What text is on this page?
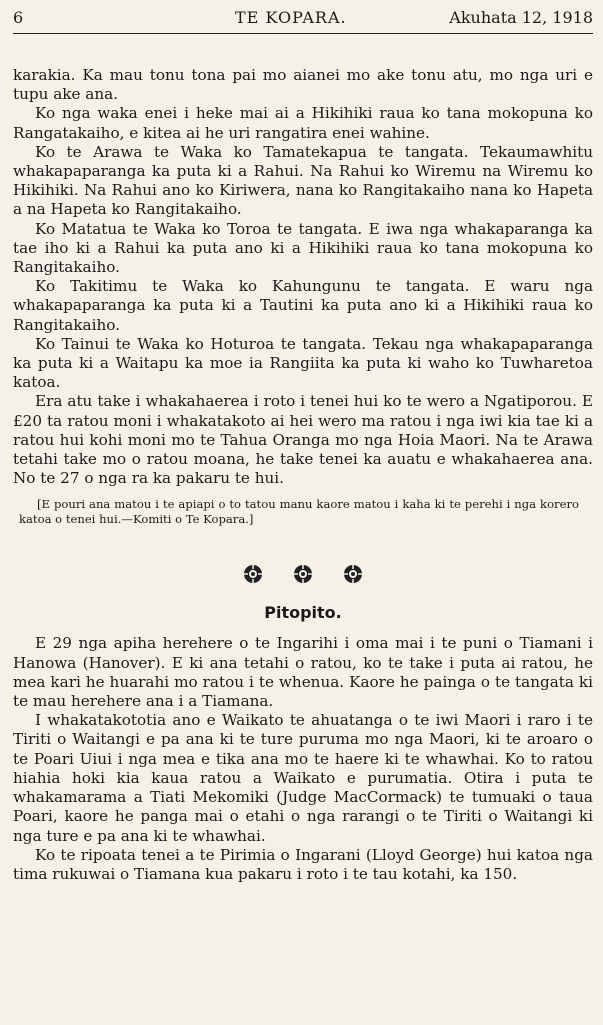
6	TE KOPARA.	Akuhata 12, 1918

karakia. Ka mau tonu tona pai mo aianei mo ake tonu atu, mo nga uri e tupu ake ana.

Ko nga waka enei i heke mai ai a Hikihiki raua ko tana mokopuna ko Rangatakaiho, e kitea ai he uri rangatira enei wahine.

Ko te Arawa te Waka ko Tamatekapua te tangata. Tekaumawhitu whakapaparanga ka puta ki a Rahui. Na Rahui ko Wiremu na Wiremu ko Hikihiki. Na Rahui ano ko Kiriwera, nana ko Rangitakaiho nana ko Hapeta a na Hapeta ko Rangitakaiho.

Ko Matatua te Waka ko Toroa te tangata. E iwa nga whakaparanga ka tae iho ki a Rahui ka puta ano ki a Hikihiki raua ko tana mokopuna ko Rangitakaiho.

Ko Takitimu te Waka ko Kahungunu te tangata. E waru nga whakapaparanga ka puta ki a Tautini ka puta ano ki a Hikihiki raua ko Rangitakaiho.

Ko Tainui te Waka ko Hoturoa te tangata. Tekau nga whakapaparanga ka puta ki a Waitapu ka moe ia Rangiita ka puta ki waho ko Tuwharetoa katoa.

Era atu take i whakahaerea i roto i tenei hui ko te wero a Ngatiporou. E £20 ta ratou moni i whakatakoto ai hei wero ma ratou i nga iwi kia tae ki a ratou hui kohi moni mo te Tahua Oranga mo nga Hoia Maori. Na te Arawa tetahi take mo o ratou moana, he take tenei ka auatu e whakahaerea ana. No te 27 o nga ra ka pakaru te hui.

[E pouri ana matou i te apiapi o to tatou manu kaore matou i kaha ki te perehi i nga korero katoa o tenei hui.—Komiti o Te Kopara.]

Pitopito.

E 29 nga apiha herehere o te Ingarihi i oma mai i te puni o Tiamani i Hanowa (Hanover). E ki ana tetahi o ratou, ko te take i puta ai ratou, he mea kari he huarahi mo ratou i te whenua. Kaore he painga o te tangata ki te mau herehere ana i a Tiamana.

I whakatakototia ano e Waikato te ahuatanga o te iwi Maori i raro i te Tiriti o Waitangi e pa ana ki te ture puruma mo nga Maori, ki te aroaro o te Poari Uiui i nga mea e tika ana mo te haere ki te whawhai. Ko to ratou hiahia hoki kia kaua ratou a Waikato e purumatia. Otira i puta te whakamarama a Tiati Mekomiki (Judge MacCormack) te tumuaki o taua Poari, kaore he panga mai o etahi o nga rarangi o te Tiriti o Waitangi ki nga ture e pa ana ki te whawhai.

Ko te ripoata tenei a te Pirimia o Ingarani (Lloyd George) hui katoa nga tima rukuwai o Tiamana kua pakaru i roto i te tau kotahi, ka 150.
